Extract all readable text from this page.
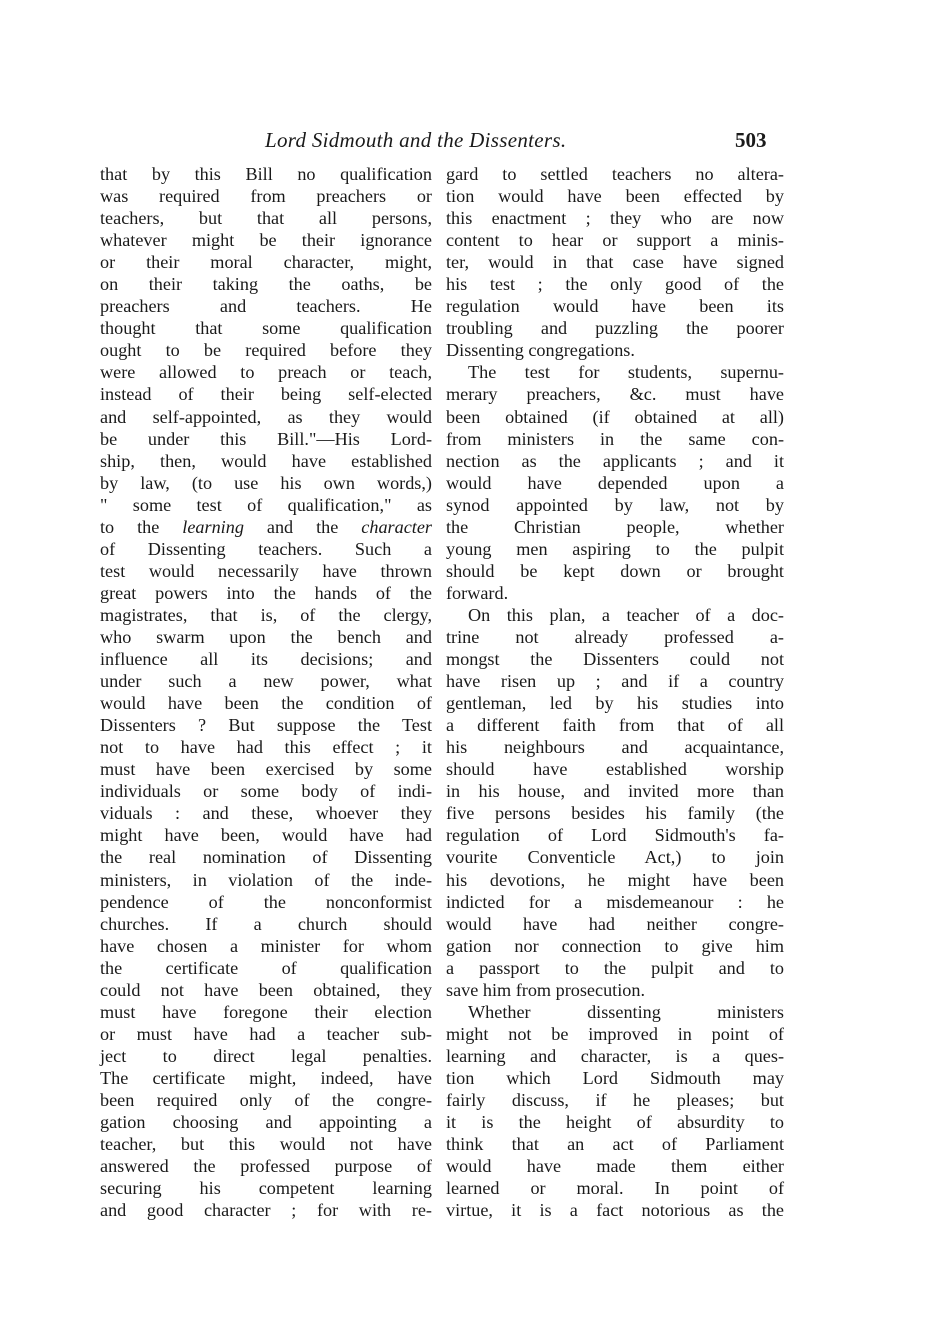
Lord Sidmouth and the Dissenters.	503
that by this Bill no qualification
was required from preachers or
teachers, but that all persons,
whatever might be their ignorance
or their moral character, might,
on their taking the oaths, be
preachers and teachers. He
thought that some qualification
ought to be required before they
were allowed to preach or teach,
instead of their being self-elected
and self-appointed, as they would
be under this Bill."—His Lord-
ship, then, would have established
by law, (to use his own words,)
" some test of qualification," as
to the learning and the character
of Dissenting teachers. Such a
test would necessarily have thrown
great powers into the hands of the
magistrates, that is, of the clergy,
who swarm upon the bench and
influence all its decisions; and
under such a new power, what
would have been the condition of
Dissenters ? But suppose the Test
not to have had this effect ; it
must have been exercised by some
individuals or some body of indi-
viduals : and these, whoever they
might have been, would have had
the real nomination of Dissenting
ministers, in violation of the inde-
pendence of the nonconformist
churches. If a church should
have chosen a minister for whom
the certificate of qualification
could not have been obtained, they
must have foregone their election
or must have had a teacher sub-
ject to direct legal penalties.
The certificate might, indeed, have
been required only of the congre-
gation choosing and appointing a
teacher, but this would not have
answered the professed purpose of
securing his competent learning
and good character ; for with re-
gard to settled teachers no altera-
tion would have been effected by
this enactment ; they who are now
content to hear or support a minis-
ter, would in that case have signed
his test ; the only good of the
regulation would have been its
troubling and puzzling the poorer
Dissenting congregations.
The test for students, supernu-
merary preachers, &c. must have
been obtained (if obtained at all)
from ministers in the same con-
nection as the applicants ; and it
would have depended upon a
synod appointed by law, not by
the Christian people, whether
young men aspiring to the pulpit
should be kept down or brought
forward.
On this plan, a teacher of a doc-
trine not already professed a-
mongst the Dissenters could not
have risen up ; and if a country
gentleman, led by his studies into
a different faith from that of all
his neighbours and acquaintance,
should have established worship
in his house, and invited more than
five persons besides his family (the
regulation of Lord Sidmouth's fa-
vourite Conventicle Act,) to join
his devotions, he might have been
indicted for a misdemeanour : he
would have had neither congre-
gation nor connection to give him
a passport to the pulpit and to
save him from prosecution.
Whether dissenting ministers
might not be improved in point of
learning and character, is a ques-
tion which Lord Sidmouth may
fairly discuss, if he pleases; but
it is the height of absurdity to
think that an act of Parliament
would have made them either
learned or moral. In point of
virtue, it is a fact notorious as the
